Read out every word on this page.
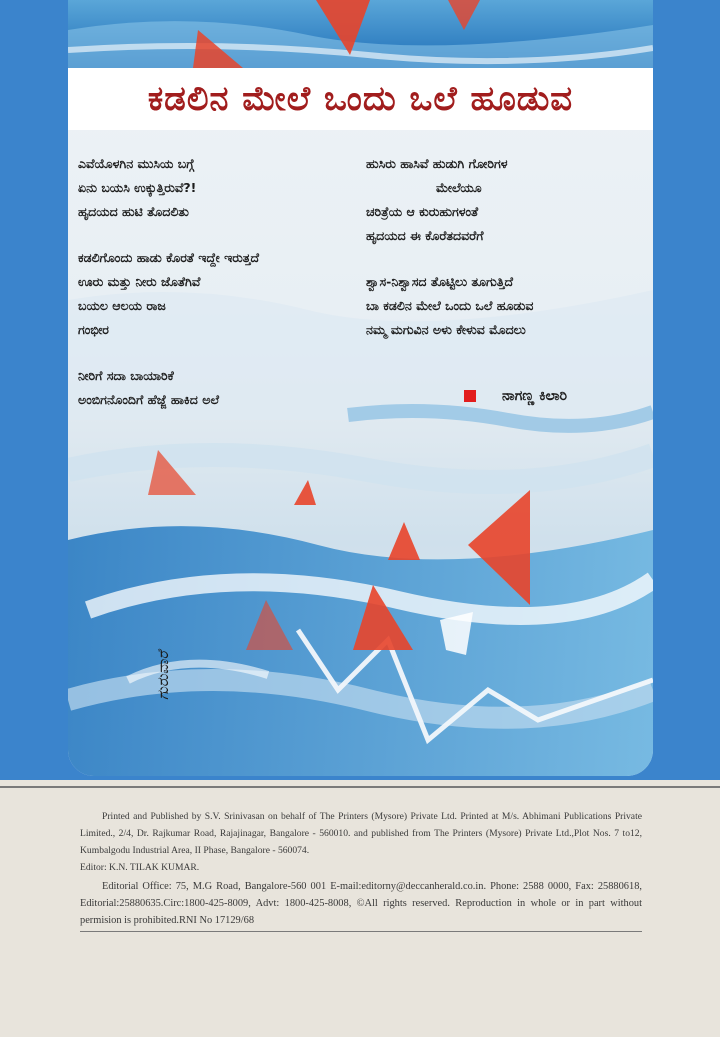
ಕಡಲಿನ ಮೇಲೆ ಒಂದು ಒಲೆ ಹೂಡುವ
ಎವೆಯೊಳಗಿನ ಮುಸಿಯ ಬಗ್ಗೆ
ಏನು ಬಯಸಿ ಉಕ್ಕುತ್ತಿರುವೆ?!
ಹೃದಯದ ಹುಟಿ ತೊದಲಿತು
ಕಡಲಿಗೊಂದು ಹಾಡು ಕೊರತೆ ಇದ್ದೇ ಇರುತ್ತದೆ
ಊರು ಮತ್ತು ನೀರು ಜೊತೆಗಿವೆ
ಬಯಲ ಆಲಯ ರಾಜ
ಗಂಭೀರ
ನೀರಿಗೆ ಸದಾ ಬಾಯಾರಿಕೆ
ಅಂಬಿಗನೊಂದಿಗೆ ಹೆಜ್ಜೆ ಹಾಕಿದ ಅಲೆ
ಹುಸಿರು ಹಾಸಿವೆ ಹುಡುಗಿ ಗೋರಿಗಳ
ಮೇಲೆಯೂ
ಚರಿತ್ರೆಯ ಆ ಕುರುಹುಗಳಂತೆ
ಹೃದಯದ ಈ ಕೊರೆತದವರೆಗೆ
ಶ್ವಾಸ-ನಿಶ್ವಾಸದ ತೊಟ್ಟಿಲು ತೂಗುತ್ತಿದೆ
ಬಾ ಕಡಲಿನ ಮೇಲೆ ಒಂದು ಒಲೆ ಹೂಡುವ
ನಮ್ಮ ಮಗುವಿನ ಅಳು ಕೇಳುವ ಮೊದಲು
ನಾಗಣ್ಣ ಕಿಲಾರಿ
ಗುರುವಾರೆ
Printed and Published by S.V. Srinivasan on behalf of The Printers (Mysore) Private Ltd. Printed at M/s. Abhimanі Publications Private Limited., 2/4, Dr. Rajkumar Road, Rajajinagar, Bangalore - 560010. and published from The Printers (Mysore) Private Ltd.,Plot Nos. 7 to12, Kumbalgodu Industrial Area, II Phase, Bangalore - 560074.
Editor: K.N. TILAK KUMAR.
Editorial Office: 75, M.G Road, Bangalore-560 001 E-mail:editorny@deccanherald.co.in. Phone: 2588 0000, Fax: 25880618, Editorial:25880635.Circ:1800-425-8009, Advt: 1800-425-8008, ©All rights reserved. Reproduction in whole or in part without permision is prohibited.RNI No 17129/68
